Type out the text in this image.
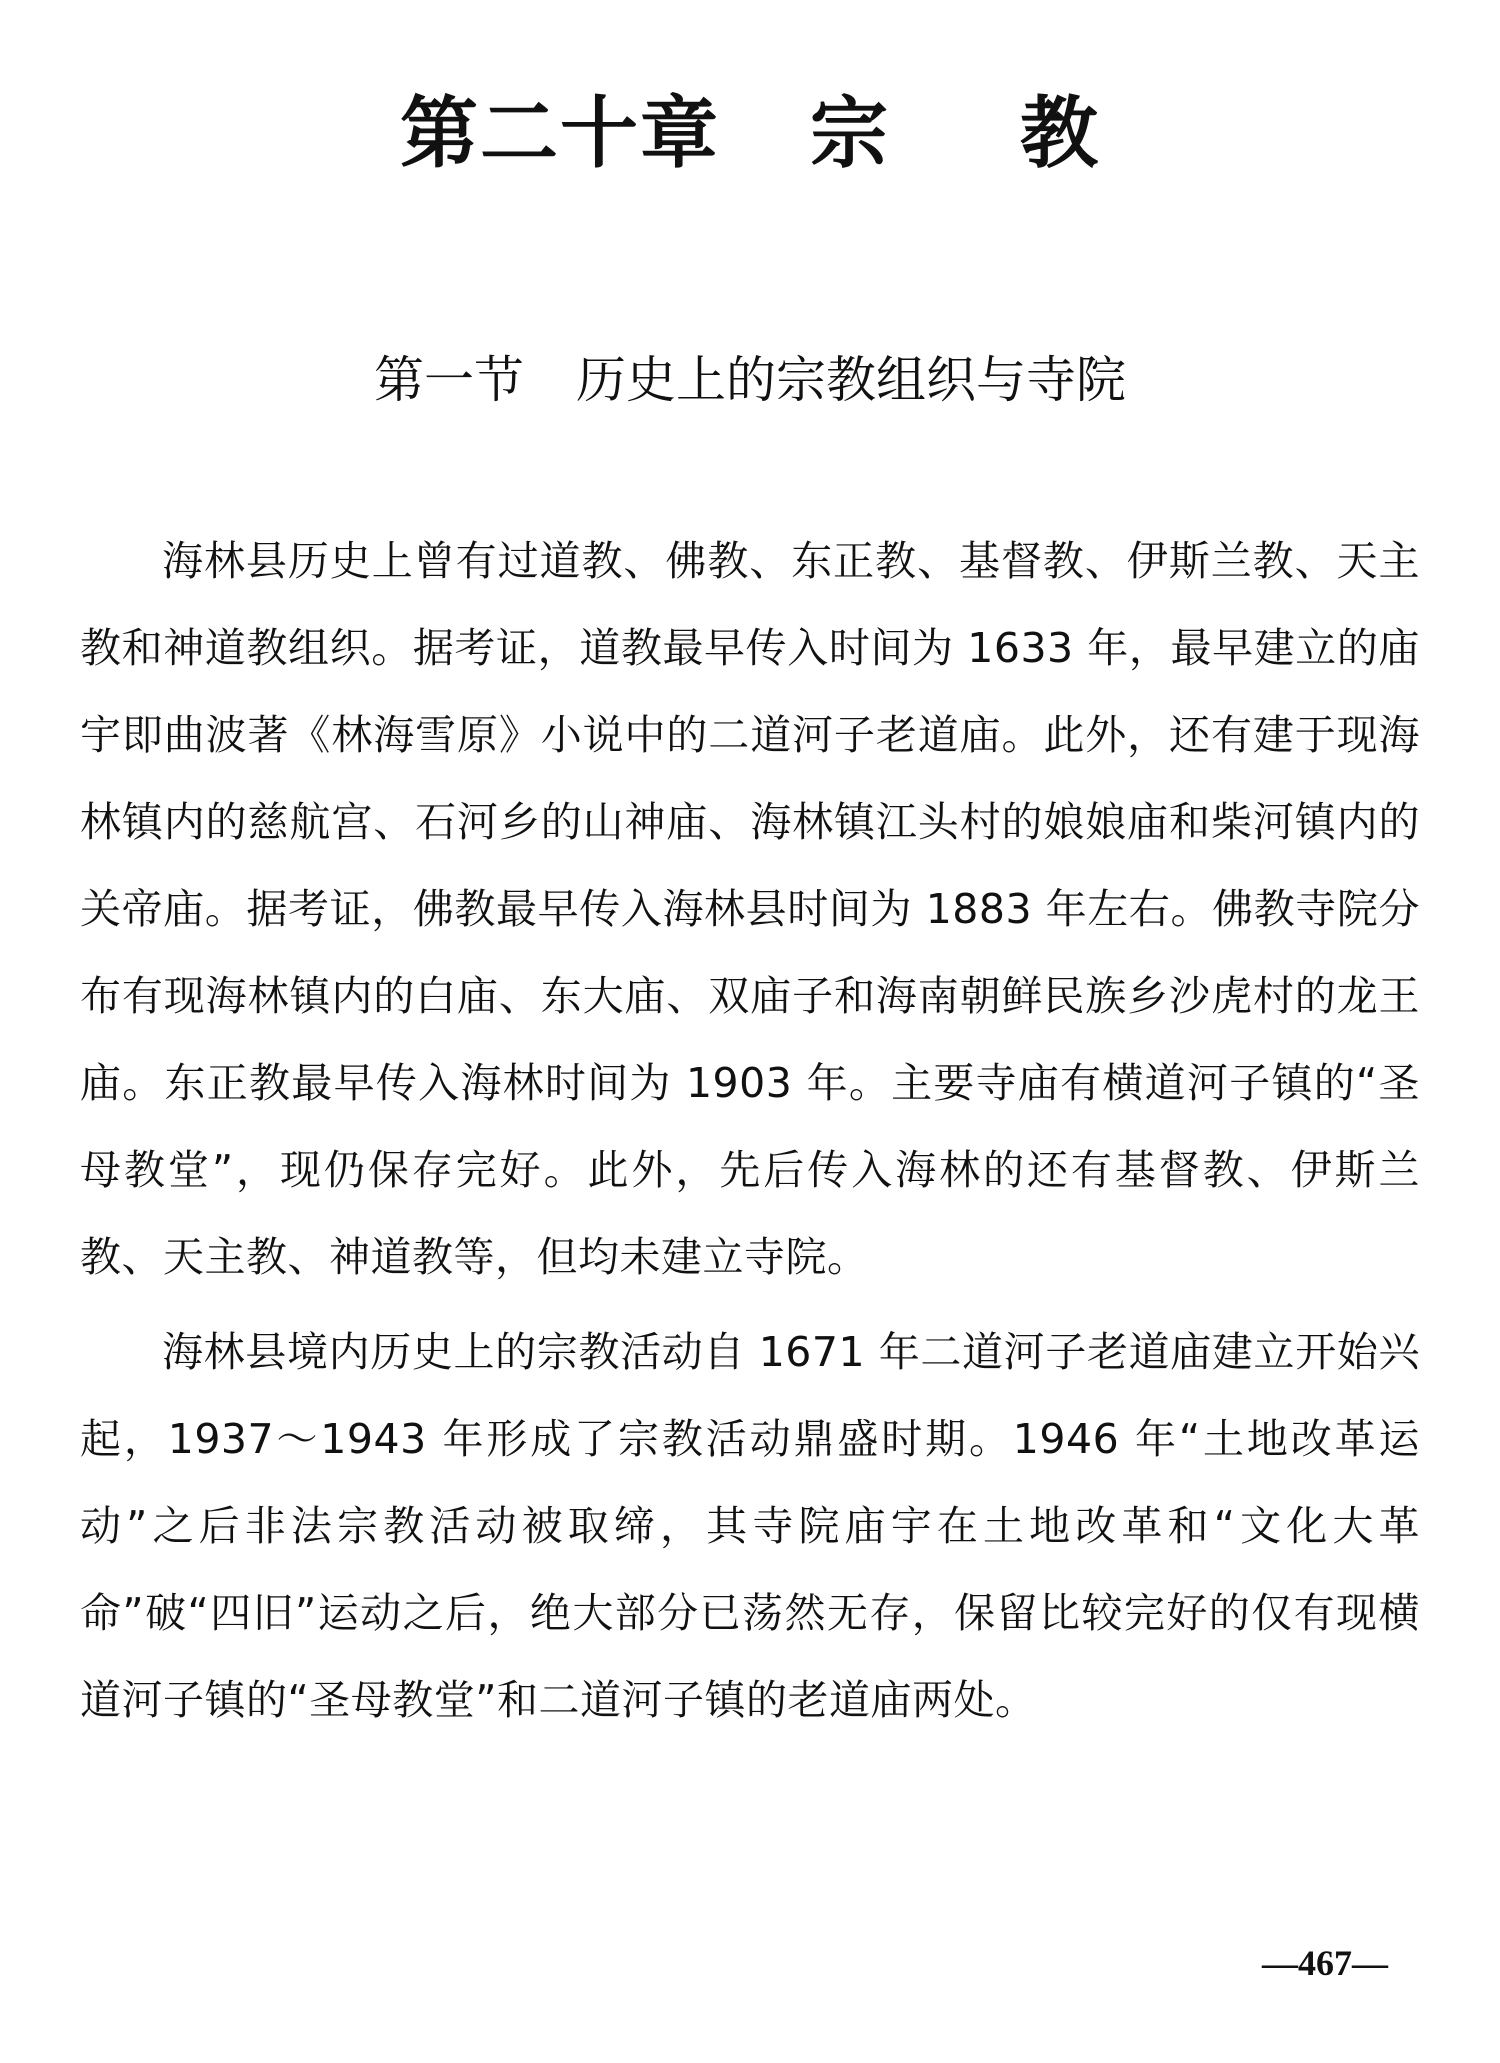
第二十章 宗 教
第一节 历史上的宗教组织与寺院

海林县历史上曾有过道教、佛教、东正教、基督教、伊斯兰教、天主教和神道教组织。据考证，道教最早传入时间为 1633 年，最早建立的庙宇即曲波著《林海雪原》小说中的二道河子老道庙。此外，还有建于现海林镇内的慈航宫、石河乡的山神庙、海林镇江头村的娘娘庙和柴河镇内的关帝庙。据考证，佛教最早传入海林县时间为 1883 年左右。佛教寺院分布有现海林镇内的白庙、东大庙、双庙子和海南朝鲜民族乡沙虎村的龙王庙。东正教最早传入海林时间为 1903 年。主要寺庙有横道河子镇的“圣母教堂”，现仍保存完好。此外，先后传入海林的还有基督教、伊斯兰教、天主教、神道教等，但均未建立寺院。

海林县境内历史上的宗教活动自 1671 年二道河子老道庙建立开始兴起，1937～1943 年形成了宗教活动鼎盛时期。1946 年“土地改革运动”之后非法宗教活动被取缔，其寺院庙宇在土地改革和“文化大革命”破“四旧”运动之后，绝大部分已荡然无存，保留比较完好的仅有现横道河子镇的“圣母教堂”和二道河子镇的老道庙两处。

—467—
